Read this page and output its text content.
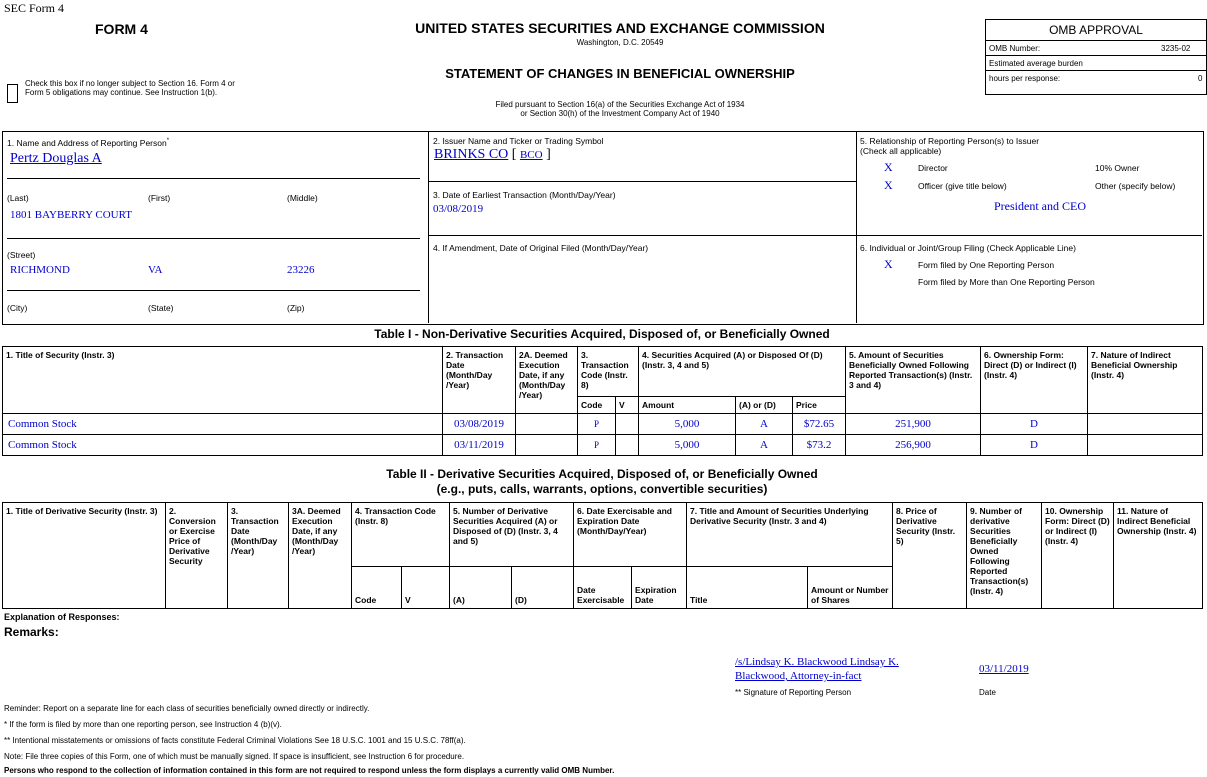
SEC Form 4
FORM 4	UNITED STATES SECURITIES AND EXCHANGE COMMISSION
Washington, D.C. 20549
STATEMENT OF CHANGES IN BENEFICIAL OWNERSHIP
Filed pursuant to Section 16(a) of the Securities Exchange Act of 1934
or Section 30(h) of the Investment Company Act of 1940
Check this box if no longer subject to Section 16. Form 4 or Form 5 obligations may continue. See Instruction 1(b).
OMB APPROVAL
OMB Number:	3235-02
Estimated average burden
hours per response:	0
1. Name and Address of Reporting Person*
Pertz Douglas A
(Last)	(First)	(Middle)
1801 BAYBERRY COURT
(Street)
RICHMOND	VA	23226
(City)	(State)	(Zip)
2. Issuer Name and Ticker or Trading Symbol
BRINKS CO [ BCO ]
3. Date of Earliest Transaction (Month/Day/Year)
03/08/2019
4. If Amendment, Date of Original Filed (Month/Day/Year)
5. Relationship of Reporting Person(s) to Issuer
(Check all applicable)
X	Director	10% Owner
X	Officer (give title below)	Other (specify below)
President and CEO
6. Individual or Joint/Group Filing (Check Applicable Line)
X	Form filed by One Reporting Person
Form filed by More than One Reporting Person
Table I - Non-Derivative Securities Acquired, Disposed of, or Beneficially Owned
1. Title of Security (Instr. 3)	2. Transaction Date (Month/Day /Year)	2A. Deemed Execution Date, if any (Month/Day /Year)	3. Transaction Code (Instr. 8)		4. Securities Acquired (A) or Disposed Of (D) (Instr. 3, 4 and 5)			5. Amount of Securities Beneficially Owned Following Reported Transaction(s) (Instr. 3 and 4)	6. Ownership Form: Direct (D) or Indirect (I) (Instr. 4)	7. Nature of Indirect Beneficial Ownership (Instr. 4)
			Code	V	Amount	(A) or (D)	Price			
Common Stock	03/08/2019		P		5,000	A	$72.65	251,900	D	
Common Stock	03/11/2019		P		5,000	A	$73.2	256,900	D	
Table II - Derivative Securities Acquired, Disposed of, or Beneficially Owned
(e.g., puts, calls, warrants, options, convertible securities)
1. Title of Derivative Security (Instr. 3)	2. Conversion or Exercise Price of Derivative Security	3. Transaction Date (Month/Day /Year)	3A. Deemed Execution Date, if any (Month/Day /Year)	4. Transaction Code (Instr. 8)		5. Number of Derivative Securities Acquired (A) or Disposed of (D) (Instr. 3, 4 and 5)		6. Date Exercisable and Expiration Date (Month/Day/Year)		7. Title and Amount of Securities Underlying Derivative Security (Instr. 3 and 4)		8. Price of Derivative Security (Instr. 5)	9. Number of derivative Securities Beneficially Owned Following Reported Transaction(s) (Instr. 4)	10. Ownership Form: Direct (D) or Indirect (I) (Instr. 4)	11. Nature of Indirect Beneficial Ownership (Instr. 4)
				Code	V	(A)	(D)	Date Exercisable	Expiration Date	Title	Amount or Number of Shares				
Explanation of Responses:
Remarks:
/s/Lindsay K. Blackwood Lindsay K. Blackwood, Attorney-in-fact
03/11/2019
** Signature of Reporting Person	Date
Reminder: Report on a separate line for each class of securities beneficially owned directly or indirectly.
* If the form is filed by more than one reporting person, see Instruction 4 (b)(v).
** Intentional misstatements or omissions of facts constitute Federal Criminal Violations See 18 U.S.C. 1001 and 15 U.S.C. 78ff(a).
Note: File three copies of this Form, one of which must be manually signed. If space is insufficient, see Instruction 6 for procedure.
Persons who respond to the collection of information contained in this form are not required to respond unless the form displays a currently valid OMB Number.
